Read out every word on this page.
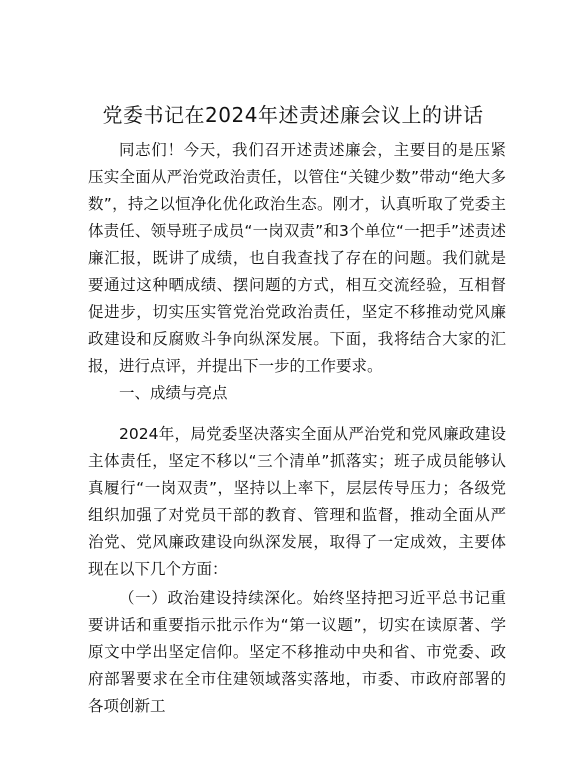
党委书记在2024年述责述廉会议上的讲话

同志们！今天，我们召开述责述廉会，主要目的是压紧压实全面从严治党政治责任，以管住“关键少数”带动“绝大多数”，持之以恒净化优化政治生态。刚才，认真听取了党委主体责任、领导班子成员“一岗双责”和3个单位“一把手”述责述廉汇报，既讲了成绩，也自我查找了存在的问题。我们就是要通过这种晒成绩、摆问题的方式，相互交流经验，互相督促进步，切实压实管党治党政治责任，坚定不移推动党风廉政建设和反腐败斗争向纵深发展。下面，我将结合大家的汇报，进行点评，并提出下一步的工作要求。

一、成绩与亮点

2024年，局党委坚决落实全面从严治党和党风廉政建设主体责任，坚定不移以“三个清单”抓落实；班子成员能够认真履行“一岗双责”，坚持以上率下，层层传导压力；各级党组织加强了对党员干部的教育、管理和监督，推动全面从严治党、党风廉政建设向纵深发展，取得了一定成效，主要体现在以下几个方面：

（一）政治建设持续深化。始终坚持把习近平总书记重要讲话和重要指示批示作为“第一议题”，切实在读原著、学原文中学出坚定信仰。坚定不移推动中央和省、市党委、政府部署要求在全市住建领域落实落地，市委、市政府部署的各项创新工
